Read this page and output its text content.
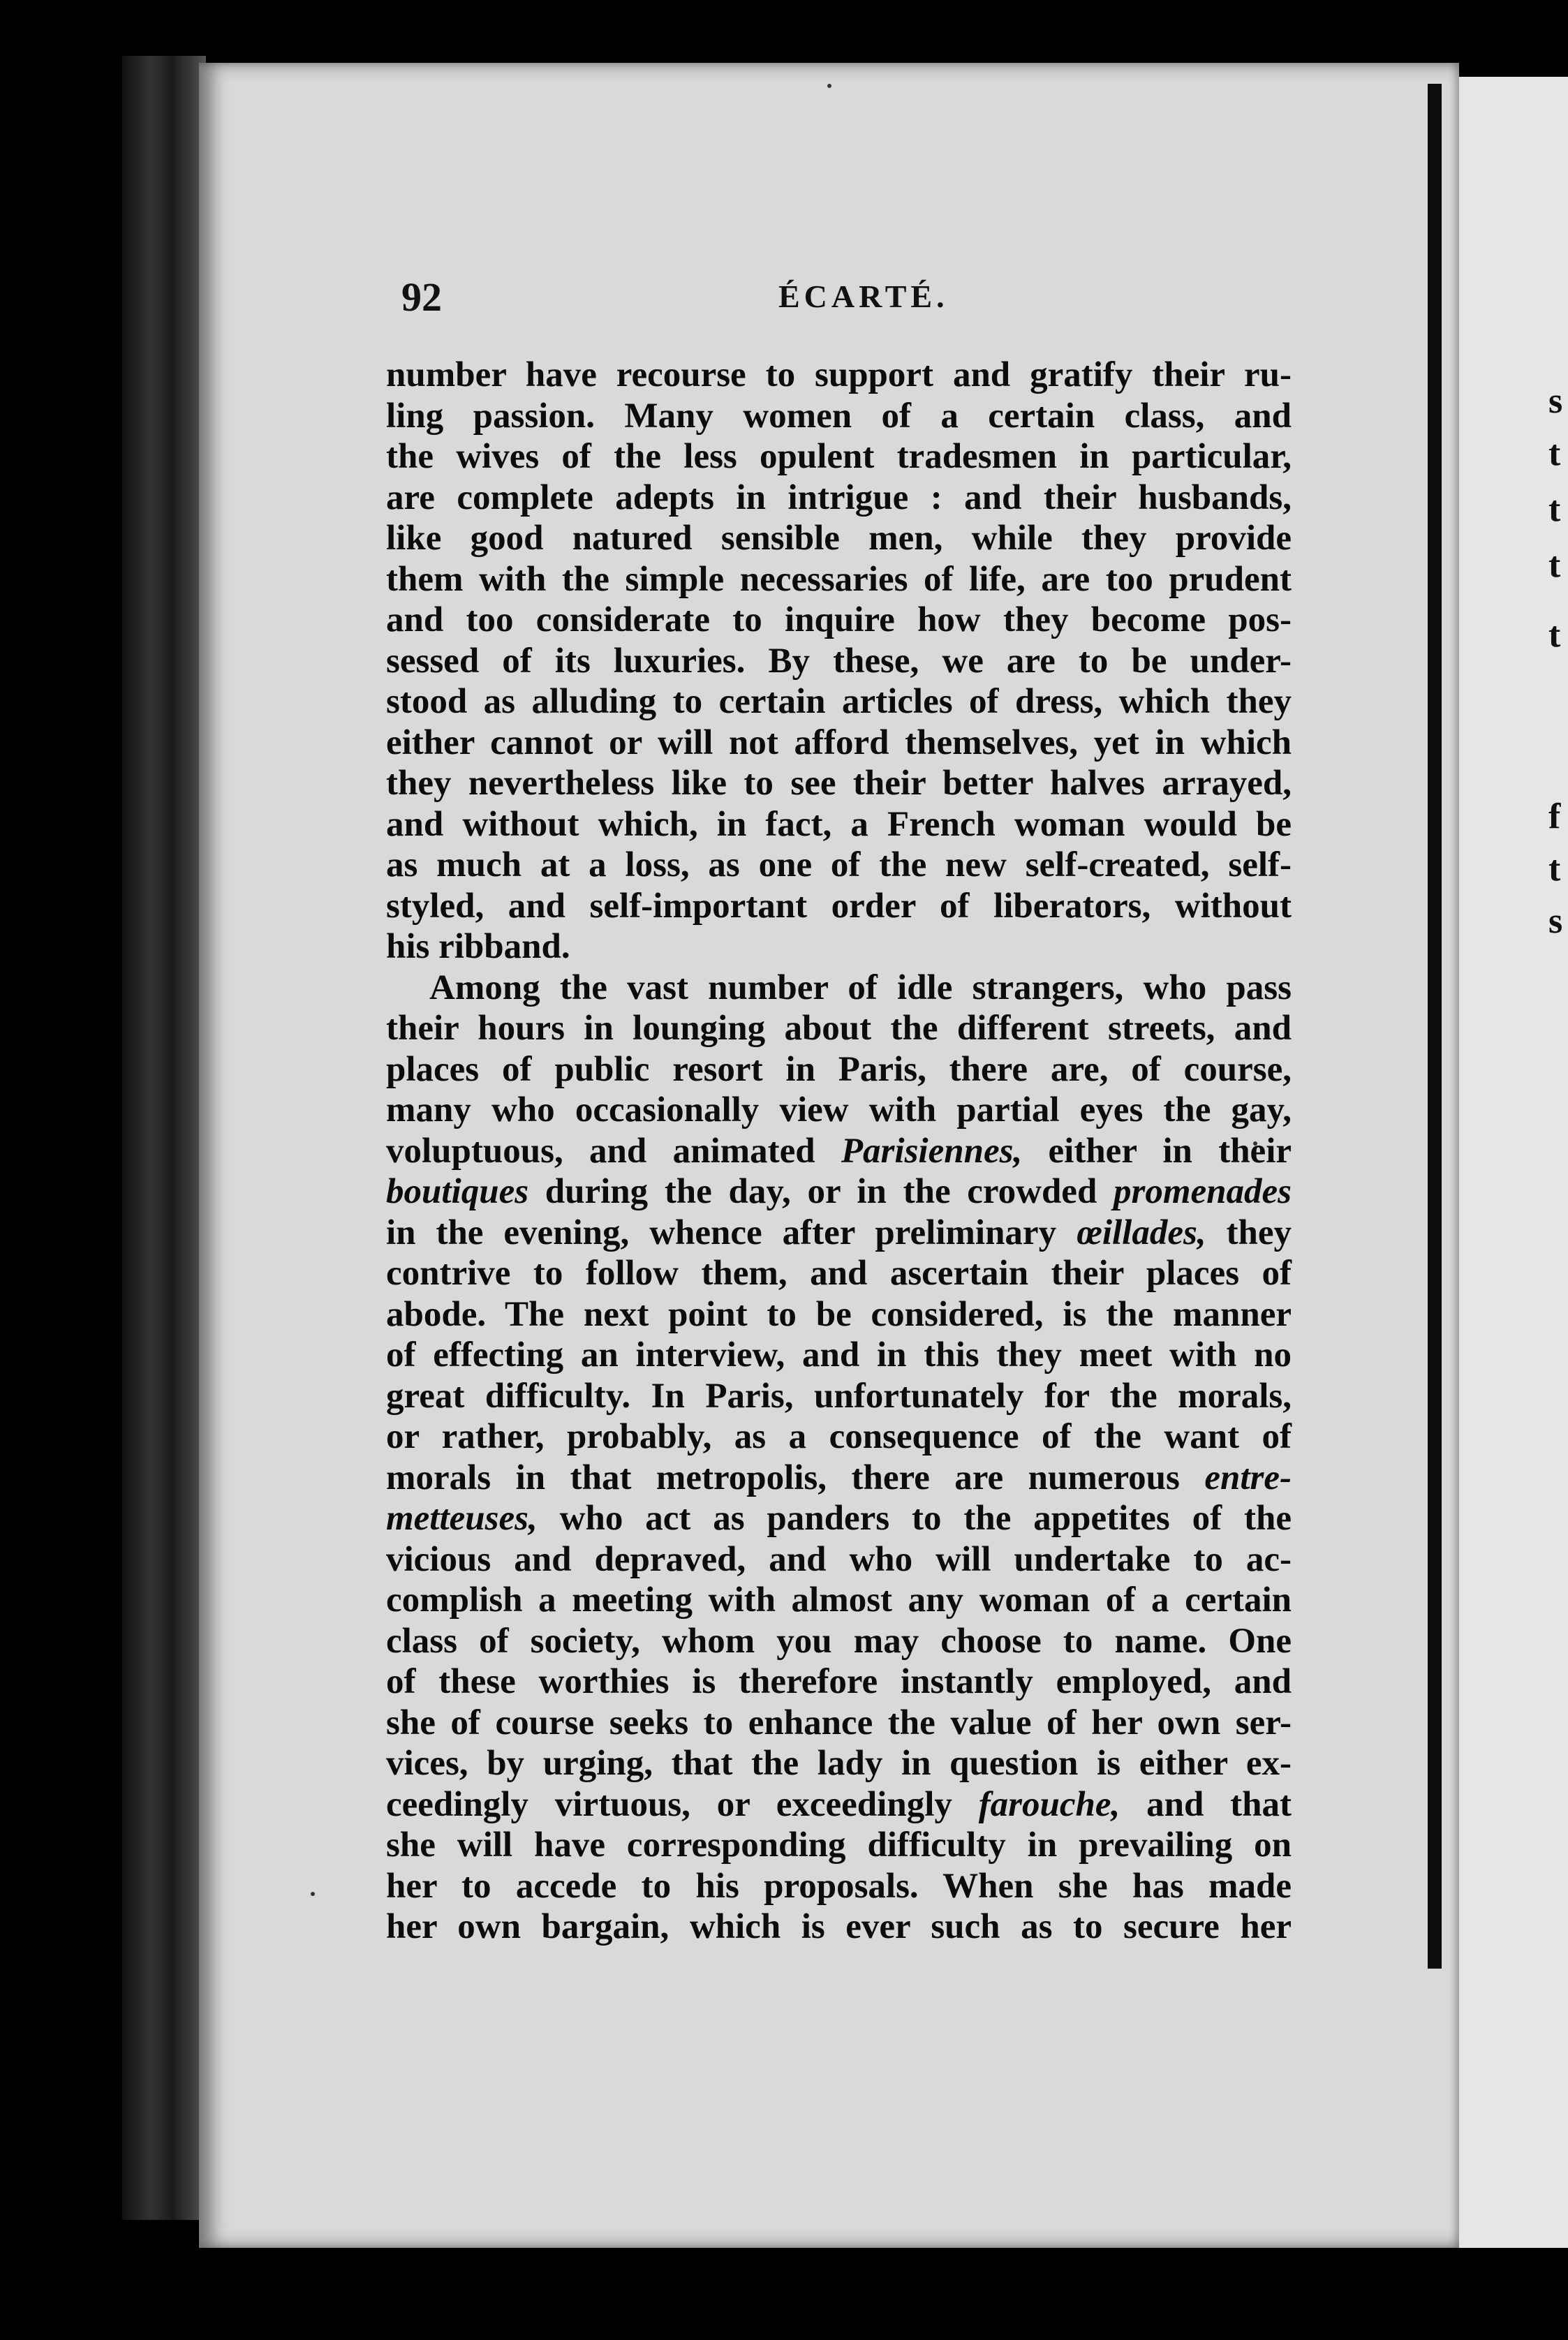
s
t
t
t
t
f
t
s
92	ÉCARTÉ.
number have recourse to support and gratify their ru-
ling passion. Many women of a certain class, and
the wives of the less opulent tradesmen in particular,
are complete adepts in intrigue : and their husbands,
like good natured sensible men, while they provide
them with the simple necessaries of life, are too prudent
and too considerate to inquire how they become pos-
sessed of its luxuries. By these, we are to be under-
stood as alluding to certain articles of dress, which they
either cannot or will not afford themselves, yet in which
they nevertheless like to see their better halves arrayed,
and without which, in fact, a French woman would be
as much at a loss, as one of the new self-created, self-
styled, and self-important order of liberators, without
his ribband.
Among the vast number of idle strangers, who pass
their hours in lounging about the different streets, and
places of public resort in Paris, there are, of course,
many who occasionally view with partial eyes the gay,
voluptuous, and animated Parisiennes, either in their
boutiques during the day, or in the crowded promenades
in the evening, whence after preliminary œillades, they
contrive to follow them, and ascertain their places of
abode. The next point to be considered, is the manner
of effecting an interview, and in this they meet with no
great difficulty. In Paris, unfortunately for the morals,
or rather, probably, as a consequence of the want of
morals in that metropolis, there are numerous entre-
metteuses, who act as panders to the appetites of the
vicious and depraved, and who will undertake to ac-
complish a meeting with almost any woman of a certain
class of society, whom you may choose to name. One
of these worthies is therefore instantly employed, and
she of course seeks to enhance the value of her own ser-
vices, by urging, that the lady in question is either ex-
ceedingly virtuous, or exceedingly farouche, and that
she will have corresponding difficulty in prevailing on
her to accede to his proposals. When she has made
her own bargain, which is ever such as to secure her
